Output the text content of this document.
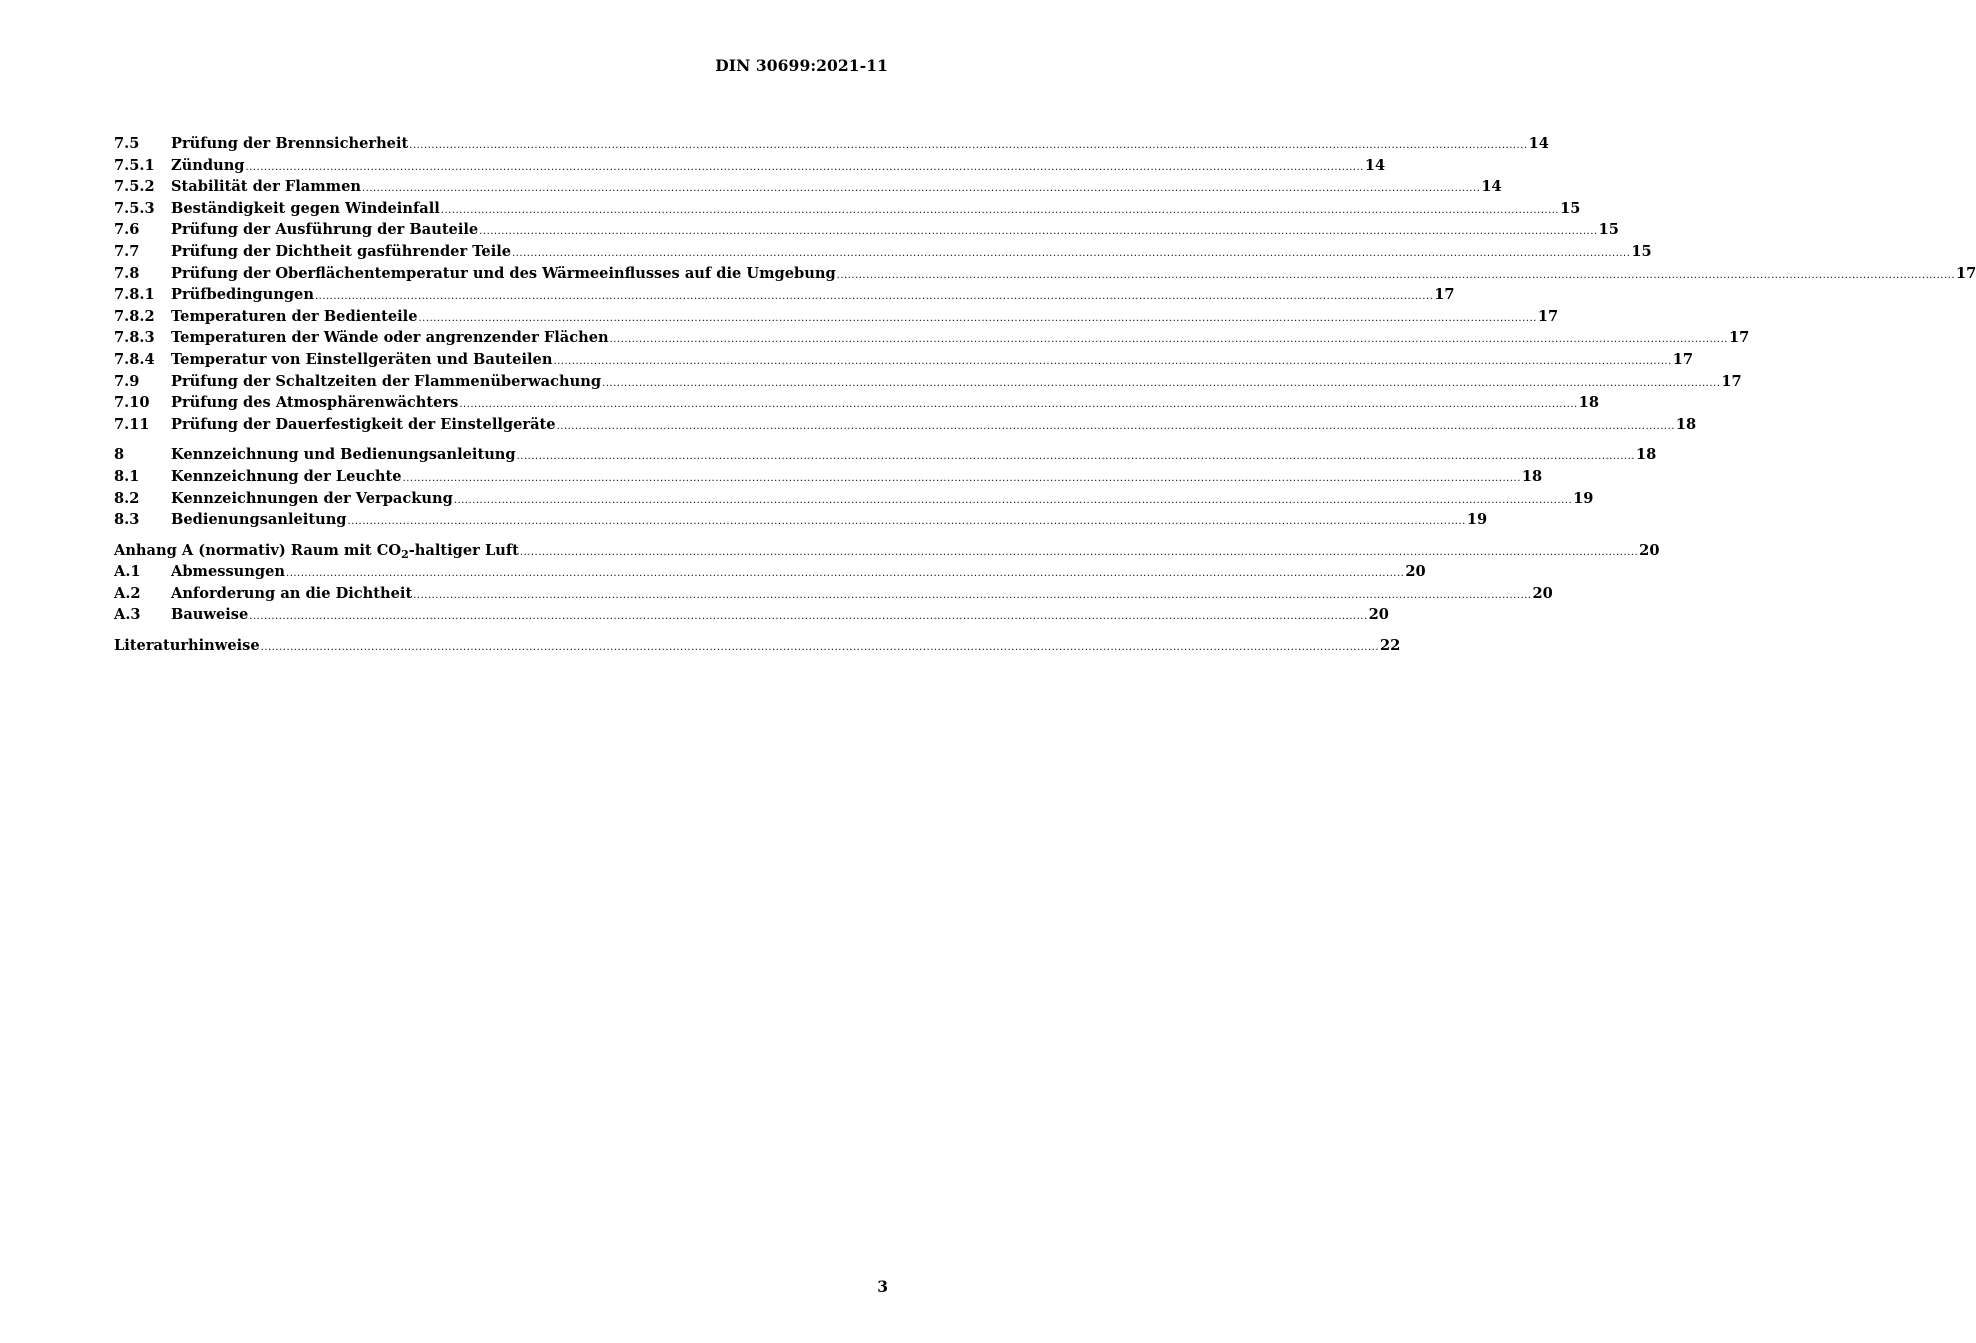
DIN 30699:2021-11
7.5	Prüfung der Brennsicherheit .....	14
7.5.1	Zündung .....	14
7.5.2	Stabilität der Flammen .....	14
7.5.3	Beständigkeit gegen Windeinfall .....	15
7.6	Prüfung der Ausführung der Bauteile .....	15
7.7	Prüfung der Dichtheit gasführender Teile .....	15
7.8	Prüfung der Oberflächentemperatur und des Wärmeeinflusses auf die Umgebung .....	17
7.8.1	Prüfbedingungen .....	17
7.8.2	Temperaturen der Bedienteile .....	17
7.8.3	Temperaturen der Wände oder angrenzender Flächen .....	17
7.8.4	Temperatur von Einstellgeräten und Bauteilen .....	17
7.9	Prüfung der Schaltzeiten der Flammenüberwachung .....	17
7.10	Prüfung des Atmosphärenwächters .....	18
7.11	Prüfung der Dauerfestigkeit der Einstellgeräte .....	18
8	Kennzeichnung und Bedienungsanleitung .....	18
8.1	Kennzeichnung der Leuchte .....	18
8.2	Kennzeichnungen der Verpackung .....	19
8.3	Bedienungsanleitung .....	19
Anhang A (normativ) Raum mit $CO_2$-haltiger Luft .....	20
A.1	Abmessungen .....	20
A.2	Anforderung an die Dichtheit .....	20
A.3	Bauweise .....	20
Literaturhinweise .....	22
3
